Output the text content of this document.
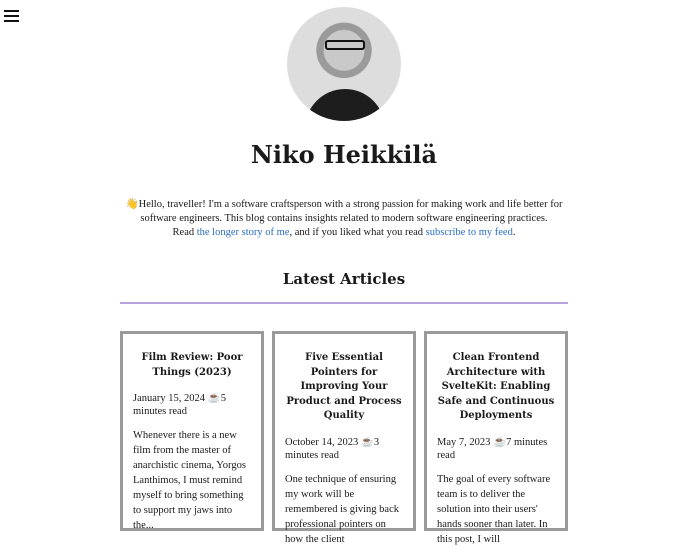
Niko Heikkilä
👋Hello, traveller! I'm a software craftsperson with a strong passion for making work and life better for software engineers. This blog contains insights related to modern software engineering practices.
Read the longer story of me, and if you liked what you read subscribe to my feed.
Latest Articles
Film Review: Poor Things (2023)
January 15, 2024 ☕5 minutes read
Whenever there is a new film from the master of anarchistic cinema, Yorgos Lanthimos, I must remind myself to bring something to support my jaws into the...
Five Essential Pointers for Improving Your Product and Process Quality
October 14, 2023 ☕3 minutes read
One technique of ensuring my work will be remembered is giving back professional pointers on how the client
Clean Frontend Architecture with SvelteKit: Enabling Safe and Continuous Deployments
May 7, 2023 ☕7 minutes read
The goal of every software team is to deliver the solution into their users' hands sooner than later. In this post, I will
